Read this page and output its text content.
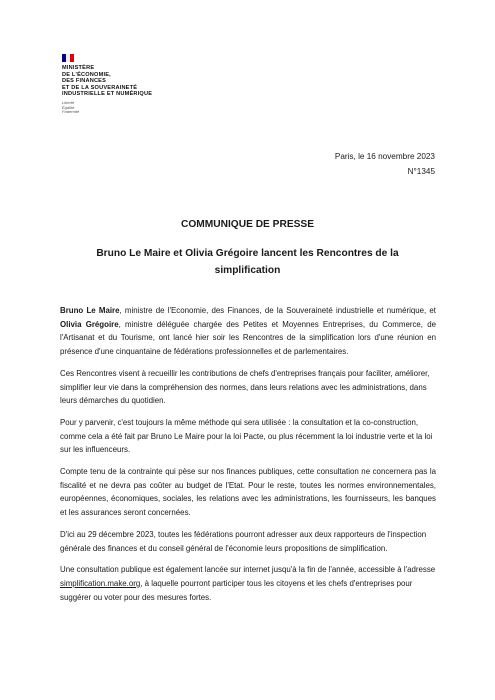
MINISTÈRE
DE L'ÉCONOMIE,
DES FINANCES
ET DE LA SOUVERAINETÉ
INDUSTRIELLE ET NUMÉRIQUE
Liberté
Égalité
Fraternité
Paris, le 16 novembre 2023
N°1345
COMMUNIQUE DE PRESSE
Bruno Le Maire et Olivia Grégoire lancent les Rencontres de la
simplification

Bruno Le Maire, ministre de l'Economie, des Finances, de la Souveraineté industrielle et numérique, et Olivia Grégoire, ministre déléguée chargée des Petites et Moyennes Entreprises, du Commerce, de l'Artisanat et du Tourisme, ont lancé hier soir les Rencontres de la simplification lors d'une réunion en présence d'une cinquantaine de fédérations professionnelles et de parlementaires.

Ces Rencontres visent à recueillir les contributions de chefs d'entreprises français pour faciliter, améliorer, simplifier leur vie dans la compréhension des normes, dans leurs relations avec les administrations, dans leurs démarches du quotidien.

Pour y parvenir, c'est toujours la même méthode qui sera utilisée : la consultation et la co-construction, comme cela a été fait par Bruno Le Maire pour la loi Pacte, ou plus récemment la loi industrie verte et la loi sur les influenceurs.

Compte tenu de la contrainte qui pèse sur nos finances publiques, cette consultation ne concernera pas la fiscalité et ne devra pas coûter au budget de l'Etat. Pour le reste, toutes les normes environnementales, européennes, économiques, sociales, les relations avec les administrations, les fournisseurs, les banques et les assurances seront concernées.

D'ici au 29 décembre 2023, toutes les fédérations pourront adresser aux deux rapporteurs de l'inspection générale des finances et du conseil général de l'économie leurs propositions de simplification.

Une consultation publique est également lancée sur internet jusqu'à la fin de l'année, accessible à l'adresse simplification.make.org, à laquelle pourront participer tous les citoyens et les chefs d'entreprises pour suggérer ou voter pour des mesures fortes.
